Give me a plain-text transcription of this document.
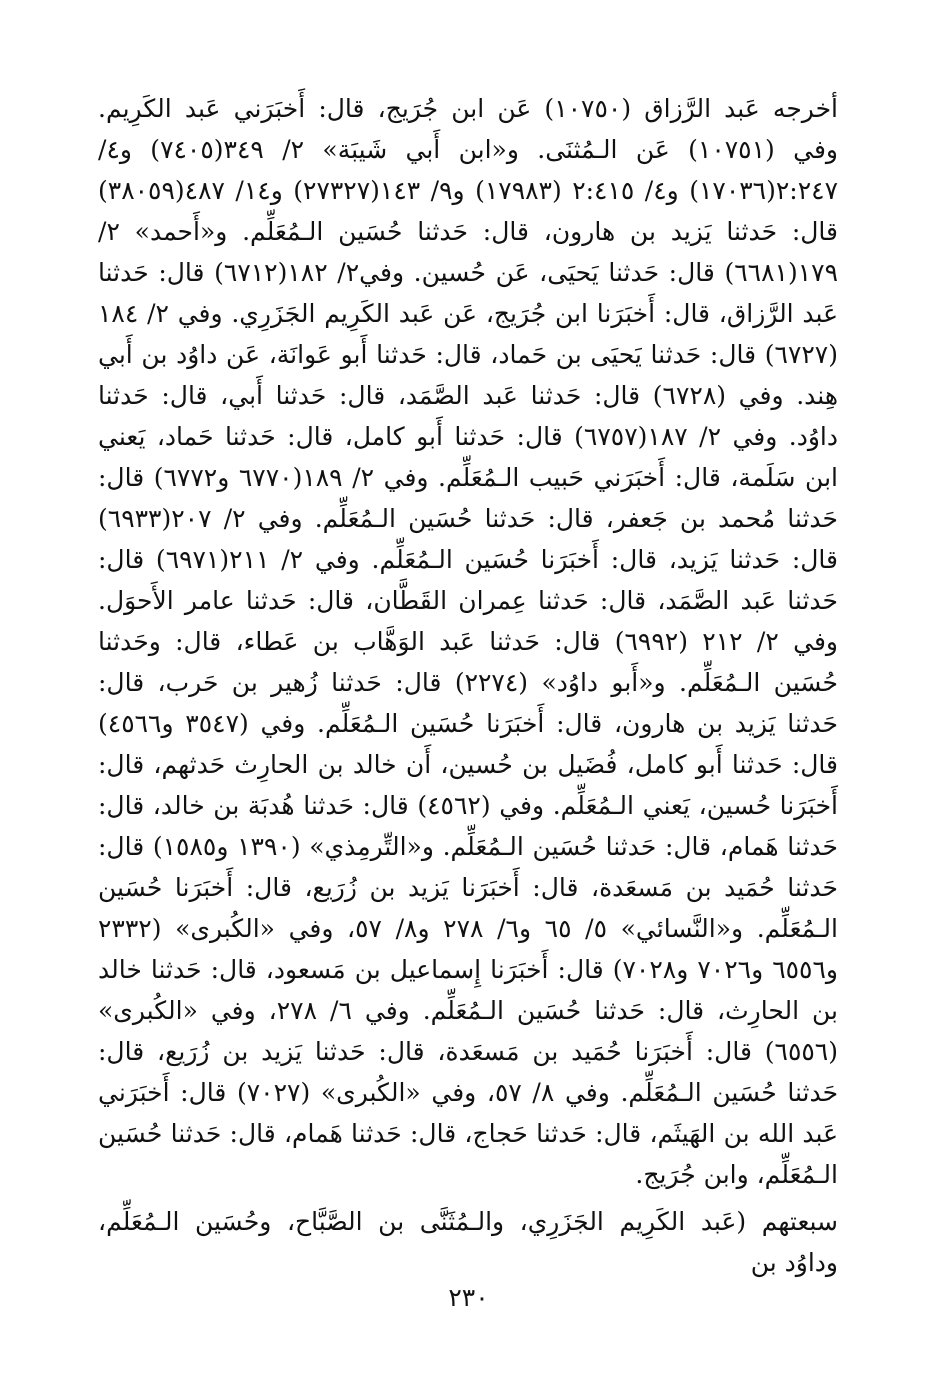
أخرجه عَبد الرَّزاق (١٠٧٥٠) عَن ابن جُرَيج، قال: أَخبَرَني عَبد الكَرِيم. وفي (١٠٧٥١) عَن الـمُثنَى. و«ابن أَبي شَيبَة» ٢/ ٣٤٩(٧٤٠٥) و٤/ ٢:٢٤٧(١٧٠٣٦) و٤/ ٢:٤١٥ (١٧٩٨٣) و٩/ ١٤٣(٢٧٣٢٧) و١٤/ ٤٨٧(٣٨٠٥٩) قال: حَدثنا يَزيد بن هارون، قال: حَدثنا حُسَين الـمُعَلِّم. و«أَحمد» ٢/ ١٧٩(٦٦٨١) قال: حَدثنا يَحيَى، عَن حُسين. وفي٢/ ١٨٢(٦٧١٢) قال: حَدثنا عَبد الرَّزاق، قال: أَخبَرَنا ابن جُرَيج، عَن عَبد الكَرِيم الجَزَرِي. وفي ٢/ ١٨٤ (٦٧٢٧) قال: حَدثنا يَحيَى بن حَماد، قال: حَدثنا أَبو عَوانَة، عَن داوُد بن أَبي هِند. وفي (٦٧٢٨) قال: حَدثنا عَبد الصَّمَد، قال: حَدثنا أَبي، قال: حَدثنا داوُد. وفي ٢/ ١٨٧(٦٧٥٧) قال: حَدثنا أَبو كامل، قال: حَدثنا حَماد، يَعني ابن سَلَمة، قال: أَخبَرَني حَبيب الـمُعَلِّم. وفي ٢/ ١٨٩(٦٧٧٠ و٦٧٧٢) قال: حَدثنا مُحمد بن جَعفر، قال: حَدثنا حُسَين الـمُعَلِّم. وفي ٢/ ٢٠٧(٦٩٣٣) قال: حَدثنا يَزيد، قال: أَخبَرَنا حُسَين الـمُعَلِّم. وفي ٢/ ٢١١(٦٩٧١) قال: حَدثنا عَبد الصَّمَد، قال: حَدثنا عِمران القَطَّان، قال: حَدثنا عامر الأَحوَل. وفي ٢/ ٢١٢ (٦٩٩٢) قال: حَدثنا عَبد الوَهَّاب بن عَطاء، قال: وحَدثنا حُسَين الـمُعَلِّم. و«أَبو داوُد» (٢٢٧٤) قال: حَدثنا زُهير بن حَرب، قال: حَدثنا يَزيد بن هارون، قال: أَخبَرَنا حُسَين الـمُعَلِّم. وفي (٣٥٤٧ و٤٥٦٦) قال: حَدثنا أَبو كامل، فُضَيل بن حُسين، أَن خالد بن الحارِث حَدثهم، قال: أَخبَرَنا حُسين، يَعني الـمُعَلِّم. وفي (٤٥٦٢) قال: حَدثنا هُدبَة بن خالد، قال: حَدثنا هَمام، قال: حَدثنا حُسَين الـمُعَلِّم. و«التِّرمِذي» (١٣٩٠ و١٥٨٥) قال: حَدثنا حُمَيد بن مَسعَدة، قال: أَخبَرَنا يَزيد بن زُرَيع، قال: أَخبَرَنا حُسَين الـمُعَلِّم. و«النَّسائي» ٥/ ٦٥ و٦/ ٢٧٨ و٨/ ٥٧، وفي «الكُبرى» (٢٣٣٢ و٦٥٥٦ و٧٠٢٦ و٧٠٢٨) قال: أَخبَرَنا إِسماعيل بن مَسعود، قال: حَدثنا خالد بن الحارِث، قال: حَدثنا حُسَين الـمُعَلِّم. وفي ٦/ ٢٧٨، وفي «الكُبرى» (٦٥٥٦) قال: أَخبَرَنا حُمَيد بن مَسعَدة، قال: حَدثنا يَزيد بن زُرَيع، قال: حَدثنا حُسَين الـمُعَلِّم. وفي ٨/ ٥٧، وفي «الكُبرى» (٧٠٢٧) قال: أَخبَرَني عَبد الله بن الهَيثَم، قال: حَدثنا حَجاج، قال: حَدثنا هَمام، قال: حَدثنا حُسَين الـمُعَلِّم، وابن جُرَيج.

سبعتهم (عَبد الكَرِيم الجَزَرِي، والـمُثَنَّى بن الصَّبَّاح، وحُسَين الـمُعَلِّم، وداوُد بن

٢٣٠
